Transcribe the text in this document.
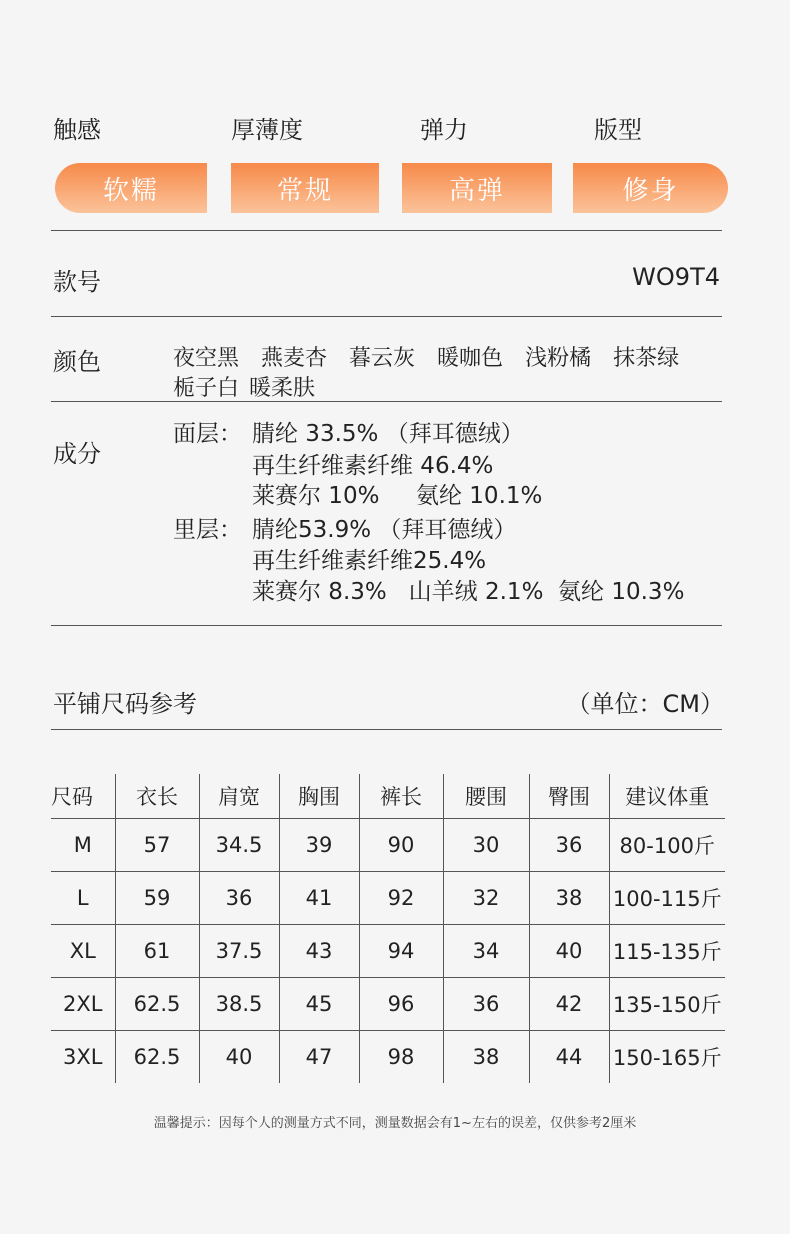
触感	厚薄度	弹力	版型
软糯	常规	高弹	修身
款号	WO9T4
颜色	夜空黑 燕麦杏 暮云灰 暖咖色 浅粉橘 抹茶绿
栀子白 暖柔肤
成分
面层： 腈纶 33.5% （拜耳德绒）
再生纤维素纤维 46.4%
莱赛尔 10%     氨纶 10.1%
里层： 腈纶53.9% （拜耳德绒）
再生纤维素纤维25.4%
莱赛尔 8.3%   山羊绒 2.1%  氨纶 10.3%
平铺尺码参考	（单位：CM）
尺码	衣长	肩宽	胸围	裤长	腰围	臀围	建议体重
M	57	34.5	39	90	30	36	80-100斤
L	59	36	41	92	32	38	100-115斤
XL	61	37.5	43	94	34	40	115-135斤
2XL	62.5	38.5	45	96	36	42	135-150斤
3XL	62.5	40	47	98	38	44	150-165斤
温馨提示：因每个人的测量方式不同，测量数据会有1~左右的误差，仅供参考2厘米
